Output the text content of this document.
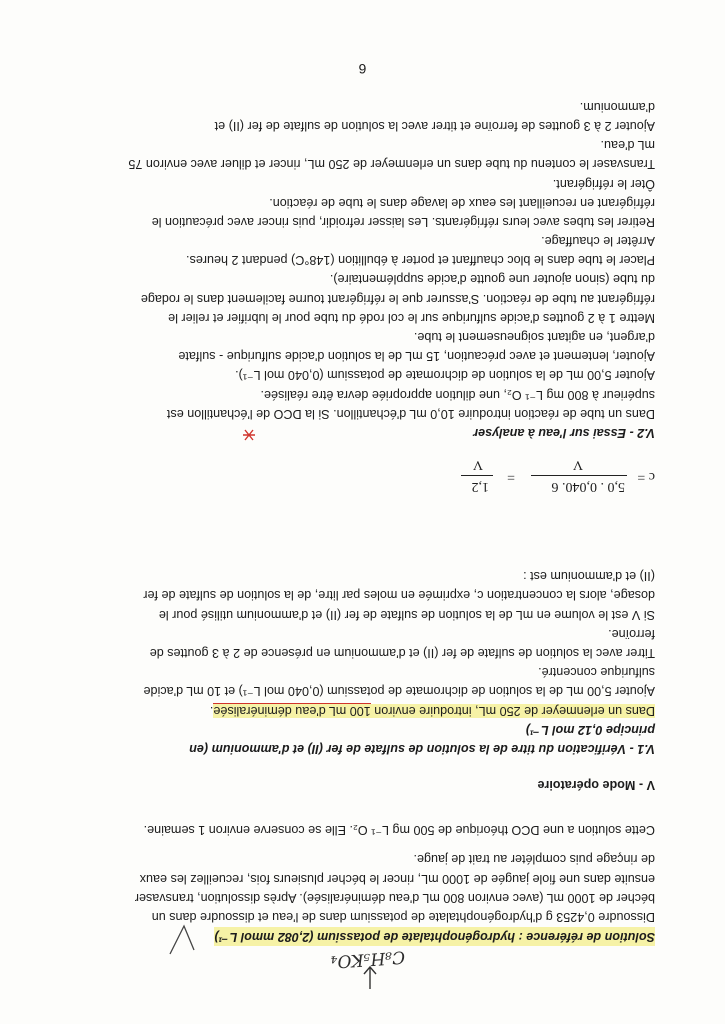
C₈H₅KO₄
Solution de référence : hydrogénophtalate de potassium (2,082 mmol L⁻¹)
Dissoudre 0,4253 g d'hydrogénophtalate de potassium dans de l'eau et dissoudre dans un
bécher de 1000 mL (avec environ 800 mL d'eau déminéralisée). Après dissolution, transvaser
ensuite dans une fiole jaugée de 1000 mL, rincer le bécher plusieurs fois, recueillez les eaux
de rinçage puis compléter au trait de jauge.
Cette solution a une DCO théorique de 500 mg L⁻¹ O₂. Elle se conserve environ 1 semaine.
V - Mode opératoire
V.1 - Vérification du titre de la solution de sulfate de fer (II) et d'ammonium (en
principe 0,12 mol L⁻¹)
Dans un erlenmeyer de 250 mL, introduire environ 100 mL d'eau déminéralisée.
Ajouter 5,00 mL de la solution de dichromate de potassium (0,040 mol L⁻¹) et 10 mL d'acide
sulfurique concentré.
Titrer avec la solution de sulfate de fer (II) et d'ammonium en présence de 2 à 3 gouttes de
ferroïne.
Si V est le volume en mL de la solution de sulfate de fer (II) et d'ammonium utilisé pour le
dosage, alors la concentration c, exprimée en moles par litre, de la solution de sulfate de fer
(II) et d'ammonium est :
c =
5,0 . 0,040. 6
V
=
1,2
V
V.2 - Essai sur l'eau à analyser
Dans un tube de réaction introduire 10,0 mL d'échantillon. Si la DCO de l'échantillon est
supérieur à 800 mg L⁻¹ O₂, une dilution appropriée devra être réalisée.
Ajouter 5,00 mL de la solution de dichromate de potassium (0,040 mol L⁻¹).
Ajouter, lentement et avec précaution, 15 mL de la solution d'acide sulfurique - sulfate
d'argent, en agitant soigneusement le tube.
Mettre 1 à 2 gouttes d'acide sulfurique sur le col rodé du tube pour le lubrifier et relier le
réfrigérant au tube de réaction. S'assurer que le réfrigérant tourne facilement dans le rodage
du tube (sinon ajouter une goutte d'acide supplémentaire).
Placer le tube dans le bloc chauffant et porter à ébullition (148°C) pendant 2 heures.
Arrêter le chauffage.
Retirer les tubes avec leurs réfrigérants. Les laisser refroidir, puis rincer avec précaution le
réfrigérant en recueillant les eaux de lavage dans le tube de réaction.
Ôter le réfrigérant.
Transvaser le contenu du tube dans un erlenmeyer de 250 mL, rincer et diluer avec environ 75
mL d'eau.
Ajouter 2 à 3 gouttes de ferroïne et titrer avec la solution de sulfate de fer (II) et
d'ammonium.
6
